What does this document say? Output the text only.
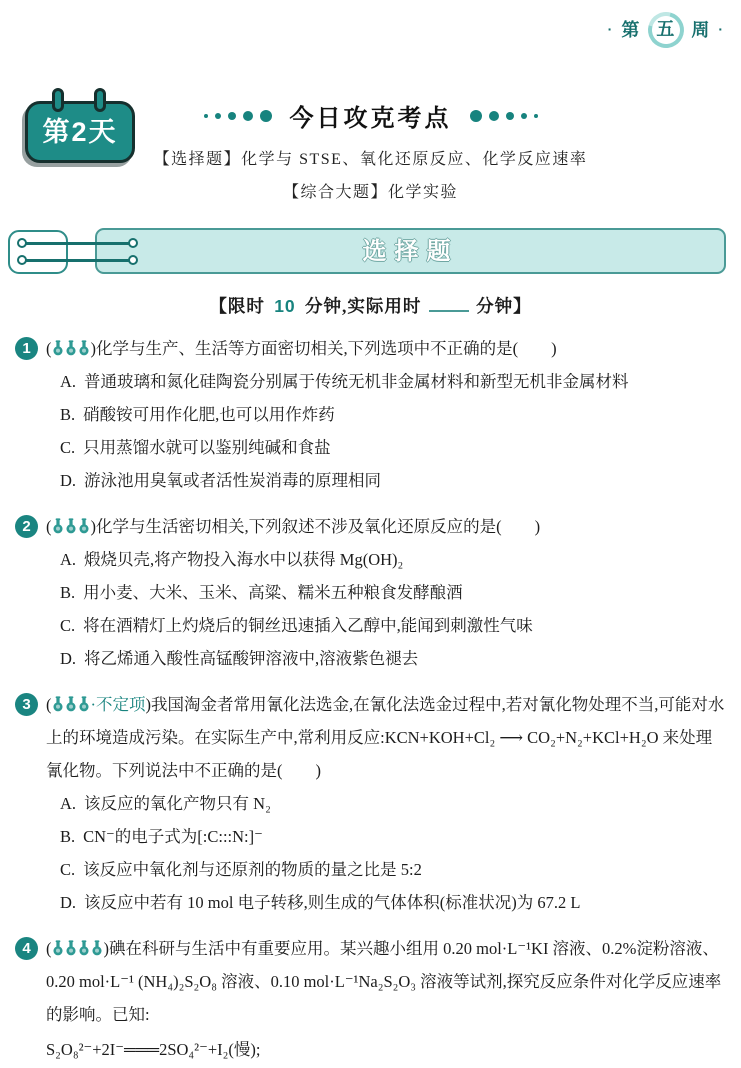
· 第 五 周 ·
第2天	今日攻克考点
【选择题】化学与 STSE、氧化还原反应、化学反应速率
【综合大题】化学实验
选择题
【限时 10 分钟,实际用时	分钟】
1 ( )化学与生产、生活等方面密切相关,下列选项中不正确的是(　　)
A. 普通玻璃和氮化硅陶瓷分别属于传统无机非金属材料和新型无机非金属材料
B. 硝酸铵可用作化肥,也可以用作炸药
C. 只用蒸馏水就可以鉴别纯碱和食盐
D. 游泳池用臭氧或者活性炭消毒的原理相同
2 ( )化学与生活密切相关,下列叙述不涉及氧化还原反应的是(　　)
A. 煅烧贝壳,将产物投入海水中以获得 Mg(OH)₂
B. 用小麦、大米、玉米、高粱、糯米五种粮食发酵酿酒
C. 将在酒精灯上灼烧后的铜丝迅速插入乙醇中,能闻到刺激性气味
D. 将乙烯通入酸性高锰酸钾溶液中,溶液紫色褪去
3 ( ·不定项)我国淘金者常用氰化法选金,在氰化法选金过程中,若对氰化物处理不当,可能对水上的环境造成污染。在实际生产中,常利用反应:KCN+KOH+Cl₂ ⟶ CO₂+N₂+KCl+H₂O 来处理氰化物。下列说法中不正确的是(　　)
A. 该反应的氧化产物只有 N₂
B. CN⁻的电子式为[:C:::N:]⁻
C. 该反应中氧化剂与还原剂的物质的量之比是 5:2
D. 该反应中若有 10 mol 电子转移,则生成的气体体积(标准状况)为 67.2 L
4 (	)碘在科研与生活中有重要应用。某兴趣小组用 0.20 mol·L⁻¹KI 溶液、0.2%淀粉溶液、0.20 mol·L⁻¹ (NH₄)₂S₂O₈ 溶液、0.10 mol·L⁻¹Na₂S₂O₃ 溶液等试剂,探究反应条件对化学反应速率的影响。已知:
S₂O₈²⁻+2I⁻═══2SO₄²⁻+I₂(慢);
